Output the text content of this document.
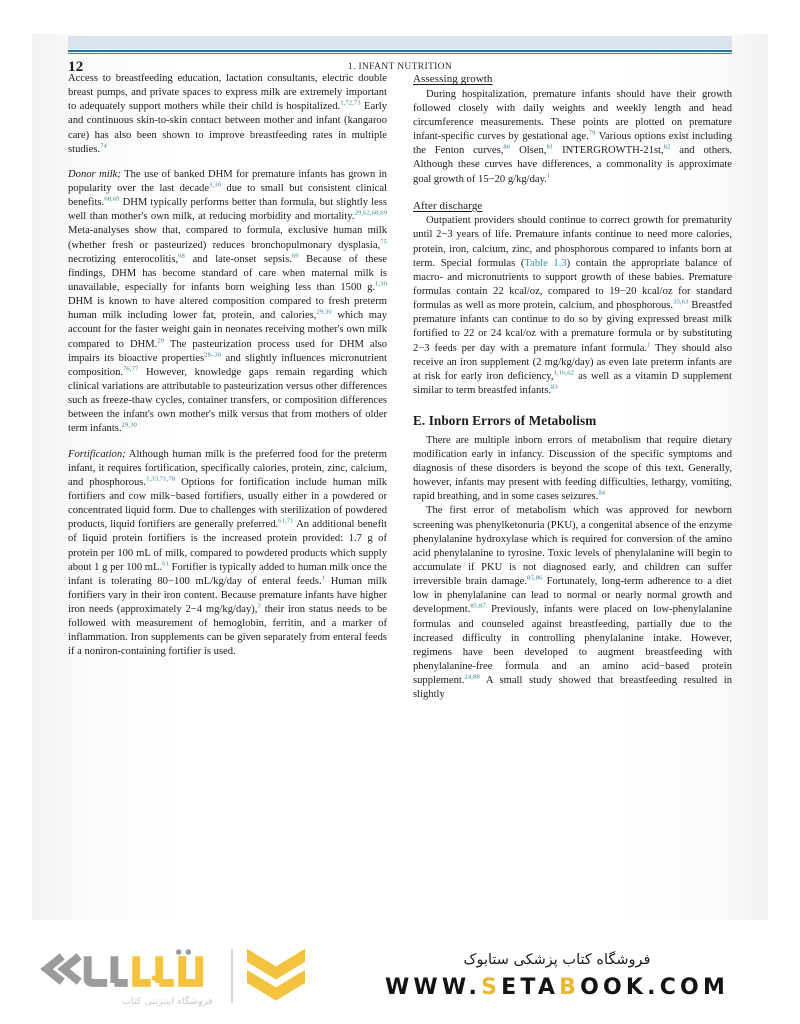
12	1. INFANT NUTRITION

Access to breastfeeding education, lactation consultants, electric double breast pumps, and private spaces to express milk are extremely important to adequately support mothers while their child is hospitalized.$^{1,72,73}$ Early and continuous skin-to-skin contact between mother and infant (kangaroo care) has also been shown to improve breastfeeding rates in multiple studies.$^{74}$

Donor milk; The use of banked DHM for premature infants has grown in popularity over the last decade$^{3,30}$ due to small but consistent clinical benefits.$^{68,69}$ DHM typically performs better than formula, but slightly less well than mother's own milk, at reducing morbidity and mortality.$^{29,62,68,69}$ Meta-analyses show that, compared to formula, exclusive human milk (whether fresh or pasteurized) reduces bronchopulmonary dysplasia,$^{75}$ necrotizing enterocolitis,$^{68}$ and late-onset sepsis.$^{69}$ Because of these findings, DHM has become standard of care when maternal milk is unavailable, especially for infants born weighing less than 1500 g.$^{1,30}$ DHM is known to have altered composition compared to fresh preterm human milk including lower fat, protein, and calories,$^{29,30}$ which may account for the faster weight gain in neonates receiving mother's own milk compared to DHM.$^{29}$ The pasteurization process used for DHM also impairs its bioactive properties$^{28-30}$ and slightly influences micronutrient composition.$^{76,77}$ However, knowledge gaps remain regarding which clinical variations are attributable to pasteurization versus other differences such as freeze-thaw cycles, container transfers, or composition differences between the infant's own mother's milk versus that from mothers of older term infants.$^{29,30}$

Fortification; Although human milk is the preferred food for the preterm infant, it requires fortification, specifically calories, protein, zinc, calcium, and phosphorous.$^{1,33,71,78}$ Options for fortification include human milk fortifiers and cow milk−based fortifiers, usually either in a powdered or concentrated liquid form. Due to challenges with sterilization of powdered products, liquid fortifiers are generally preferred.$^{61,71}$ An additional benefit of liquid protein fortifiers is the increased protein provided: 1.7 g of protein per 100 mL of milk, compared to powdered products which supply about 1 g per 100 mL.$^{61}$ Fortifier is typically added to human milk once the infant is tolerating 80−100 mL/kg/day of enteral feeds.$^1$ Human milk fortifiers vary in their iron content. Because premature infants have higher iron needs (approximately 2−4 mg/kg/day),$^3$ their iron status needs to be followed with measurement of hemoglobin, ferritin, and a marker of inflammation. Iron supplements can be given separately from enteral feeds if a noniron-containing fortifier is used.

Assessing growth

During hospitalization, premature infants should have their growth followed closely with daily weights and weekly length and head circumference measurements. These points are plotted on premature infant-specific curves by gestational age.$^{79}$ Various options exist including the Fenton curves,$^{80}$ Olsen,$^{81}$ INTERGROWTH-21st,$^{82}$ and others. Although these curves have differences, a commonality is approximate goal growth of 15−20 g/kg/day.$^1$

After discharge

Outpatient providers should continue to correct growth for prematurity until 2−3 years of life. Premature infants continue to need more calories, protein, iron, calcium, zinc, and phosphorous compared to infants born at term. Special formulas (Table 1.3) contain the appropriate balance of macro- and micronutrients to support growth of these babies. Premature formulas contain 22 kcal/oz, compared to 19−20 kcal/oz for standard formulas as well as more protein, calcium, and phosphorous.$^{33,63}$ Breastfed premature infants can continue to do so by giving expressed breast milk fortified to 22 or 24 kcal/oz with a premature formula or by substituting 2−3 feeds per day with a premature infant formula.$^1$ They should also receive an iron supplement (2 mg/kg/day) as even late preterm infants are at risk for early iron deficiency,$^{1,16,62}$ as well as a vitamin D supplement similar to term breastfed infants.$^{83}$

E. Inborn Errors of Metabolism

There are multiple inborn errors of metabolism that require dietary modification early in infancy. Discussion of the specific symptoms and diagnosis of these disorders is beyond the scope of this text. Generally, however, infants may present with feeding difficulties, lethargy, vomiting, rapid breathing, and in some cases seizures.$^{84}$

The first error of metabolism which was approved for newborn screening was phenylketonuria (PKU), a congenital absence of the enzyme phenylalanine hydroxylase which is required for conversion of the amino acid phenylalanine to tyrosine. Toxic levels of phenylalanine will begin to accumulate if PKU is not diagnosed early, and children can suffer irreversible brain damage.$^{85,86}$ Fortunately, long-term adherence to a diet low in phenylalanine can lead to normal or nearly normal growth and development.$^{85,87}$ Previously, infants were placed on low-phenylalanine formulas and counseled against breastfeeding, partially due to the increased difficulty in controlling phenylalanine intake. However, regimens have been developed to augment breastfeeding with phenylalanine-free formula and an amino acid−based protein supplement.$^{24,88}$ A small study showed that breastfeeding resulted in slightly

فروشگاه اینترنتی کتاب
فروشگاه کتاب پزشکی ستابوک
WWW.SETABOOK.COM
